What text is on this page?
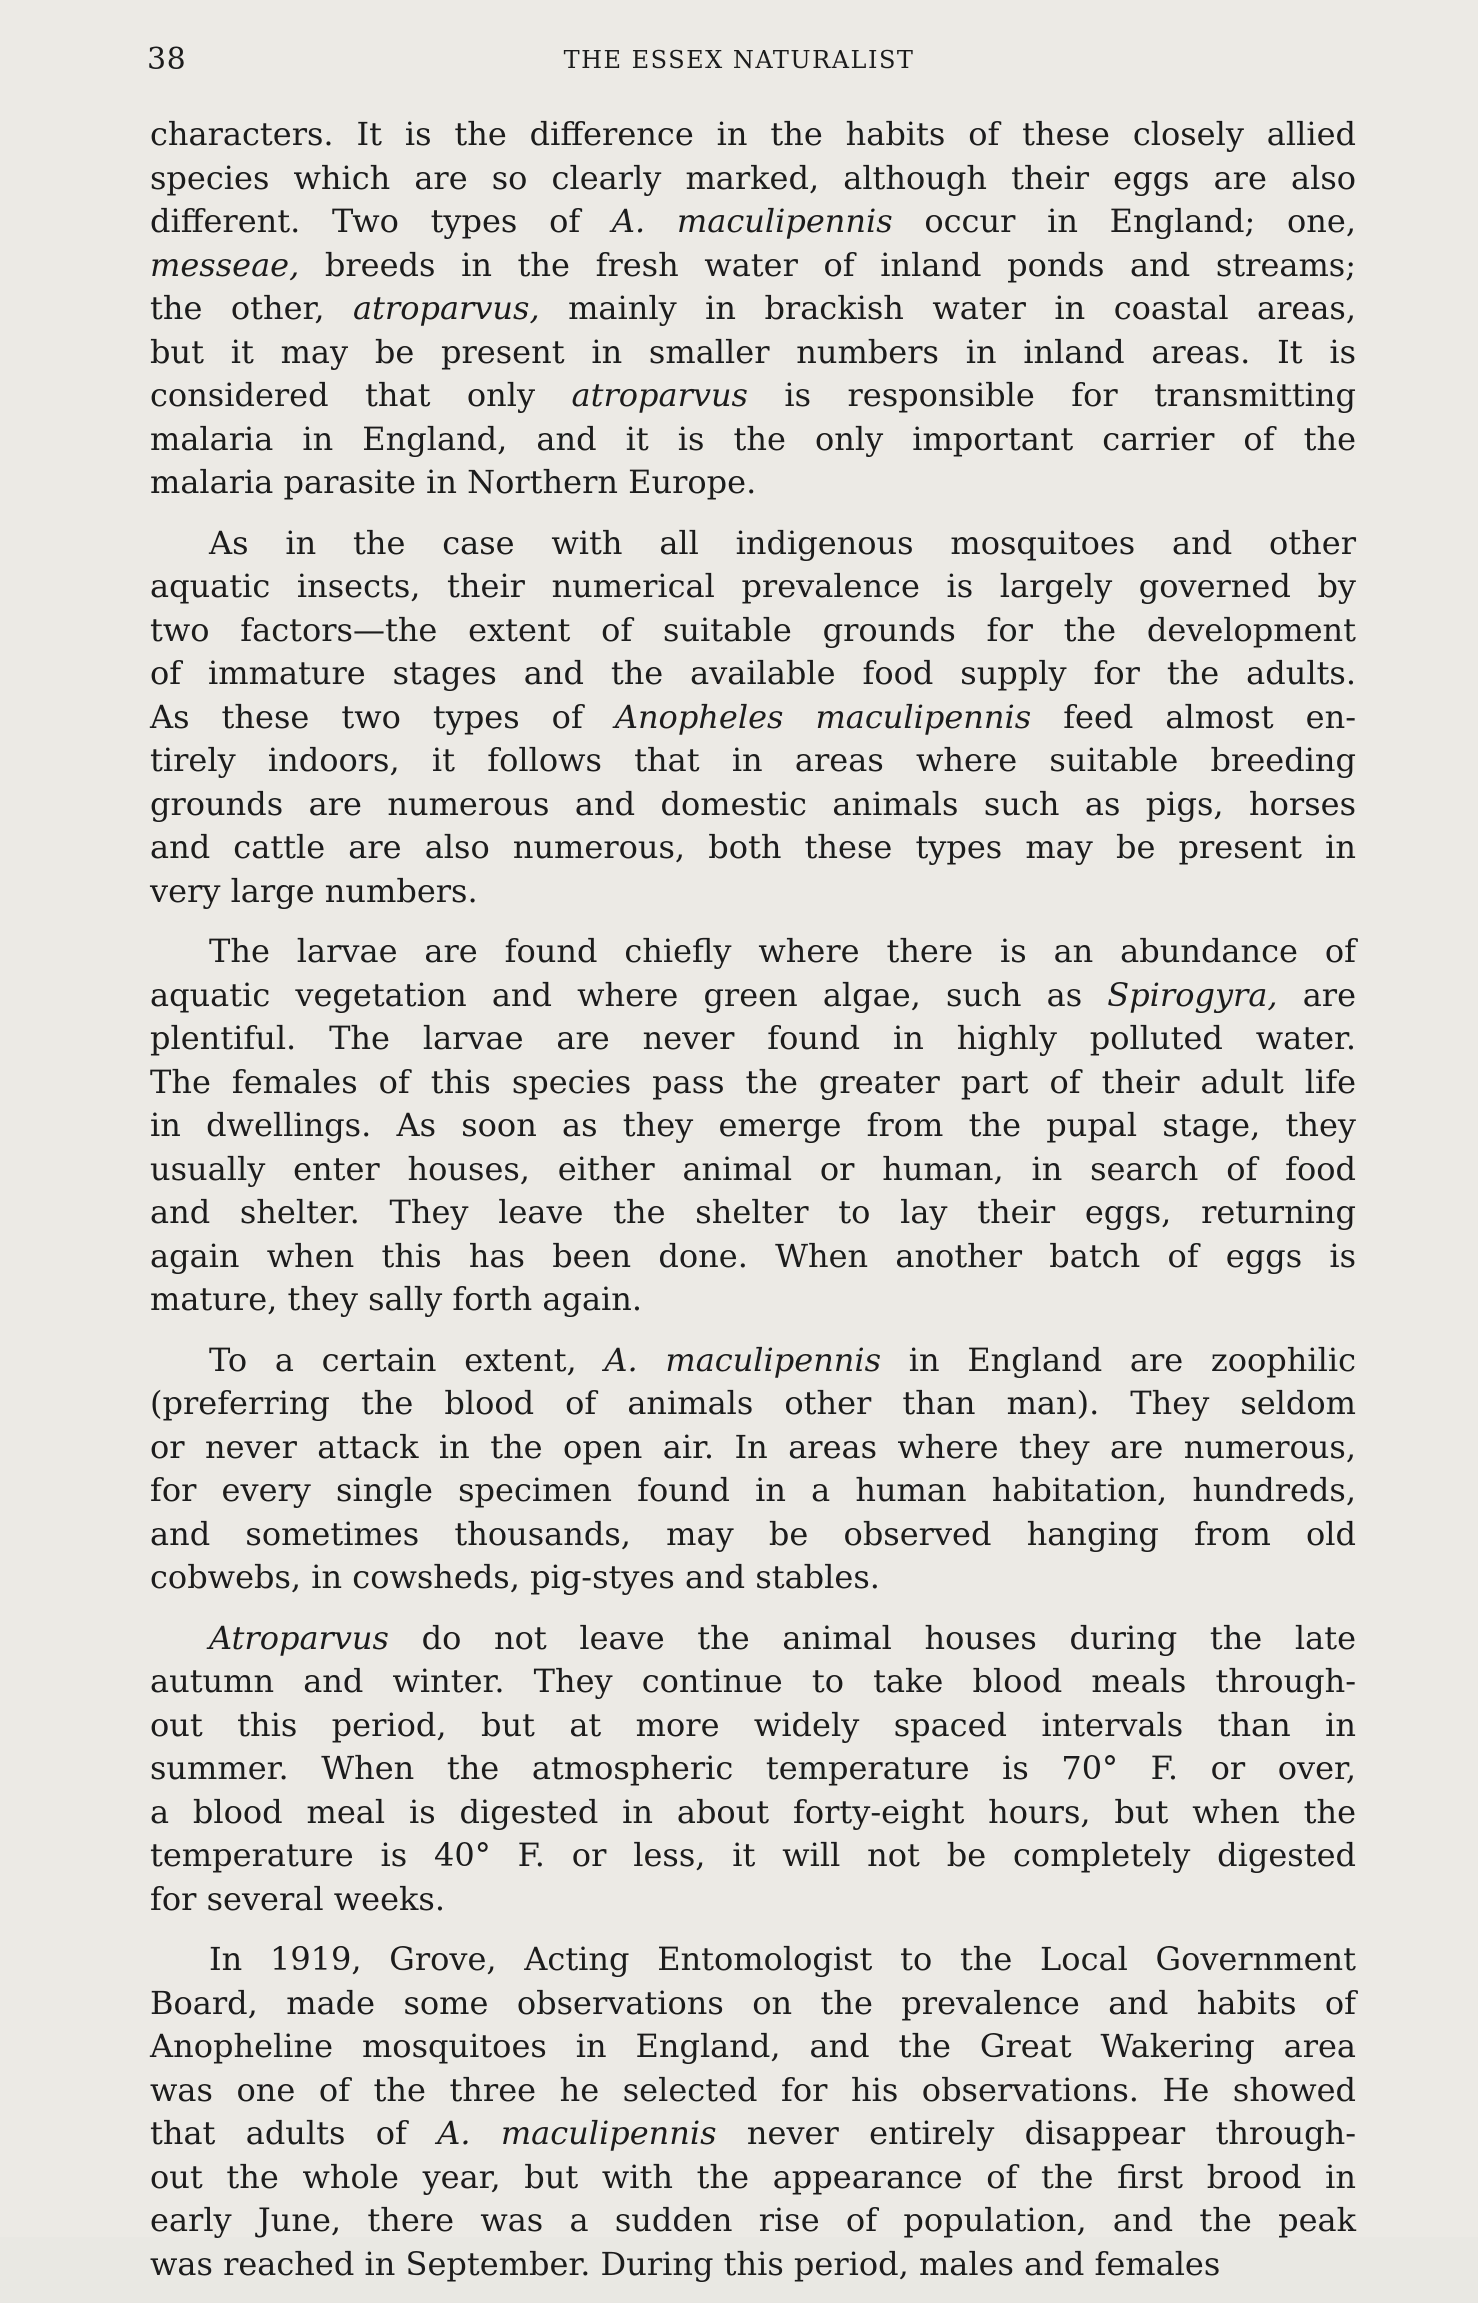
38	THE ESSEX NATURALIST
characters. It is the difference in the habits of these closely allied
species which are so clearly marked, although their eggs are also
different. Two types of A. maculipennis occur in England; one,
messeae, breeds in the fresh water of inland ponds and streams;
the other, atroparvus, mainly in brackish water in coastal areas,
but it may be present in smaller numbers in inland areas. It is
considered that only atroparvus is responsible for transmitting
malaria in England, and it is the only important carrier of the
malaria parasite in Northern Europe.
As in the case with all indigenous mosquitoes and other
aquatic insects, their numerical prevalence is largely governed by
two factors—the extent of suitable grounds for the development
of immature stages and the available food supply for the adults.
As these two types of Anopheles maculipennis feed almost en-
tirely indoors, it follows that in areas where suitable breeding
grounds are numerous and domestic animals such as pigs, horses
and cattle are also numerous, both these types may be present in
very large numbers.
The larvae are found chiefly where there is an abundance of
aquatic vegetation and where green algae, such as Spirogyra, are
plentiful. The larvae are never found in highly polluted water.
The females of this species pass the greater part of their adult life
in dwellings. As soon as they emerge from the pupal stage, they
usually enter houses, either animal or human, in search of food
and shelter. They leave the shelter to lay their eggs, returning
again when this has been done. When another batch of eggs is
mature, they sally forth again.
To a certain extent, A. maculipennis in England are zoophilic
(preferring the blood of animals other than man). They seldom
or never attack in the open air. In areas where they are numerous,
for every single specimen found in a human habitation, hundreds,
and sometimes thousands, may be observed hanging from old
cobwebs, in cowsheds, pig-styes and stables.
Atroparvus do not leave the animal houses during the late
autumn and winter. They continue to take blood meals through-
out this period, but at more widely spaced intervals than in
summer. When the atmospheric temperature is 70° F. or over,
a blood meal is digested in about forty-eight hours, but when the
temperature is 40° F. or less, it will not be completely digested
for several weeks.
In 1919, Grove, Acting Entomologist to the Local Government
Board, made some observations on the prevalence and habits of
Anopheline mosquitoes in England, and the Great Wakering area
was one of the three he selected for his observations. He showed
that adults of A. maculipennis never entirely disappear through-
out the whole year, but with the appearance of the first brood in
early June, there was a sudden rise of population, and the peak
was reached in September. During this period, males and females
